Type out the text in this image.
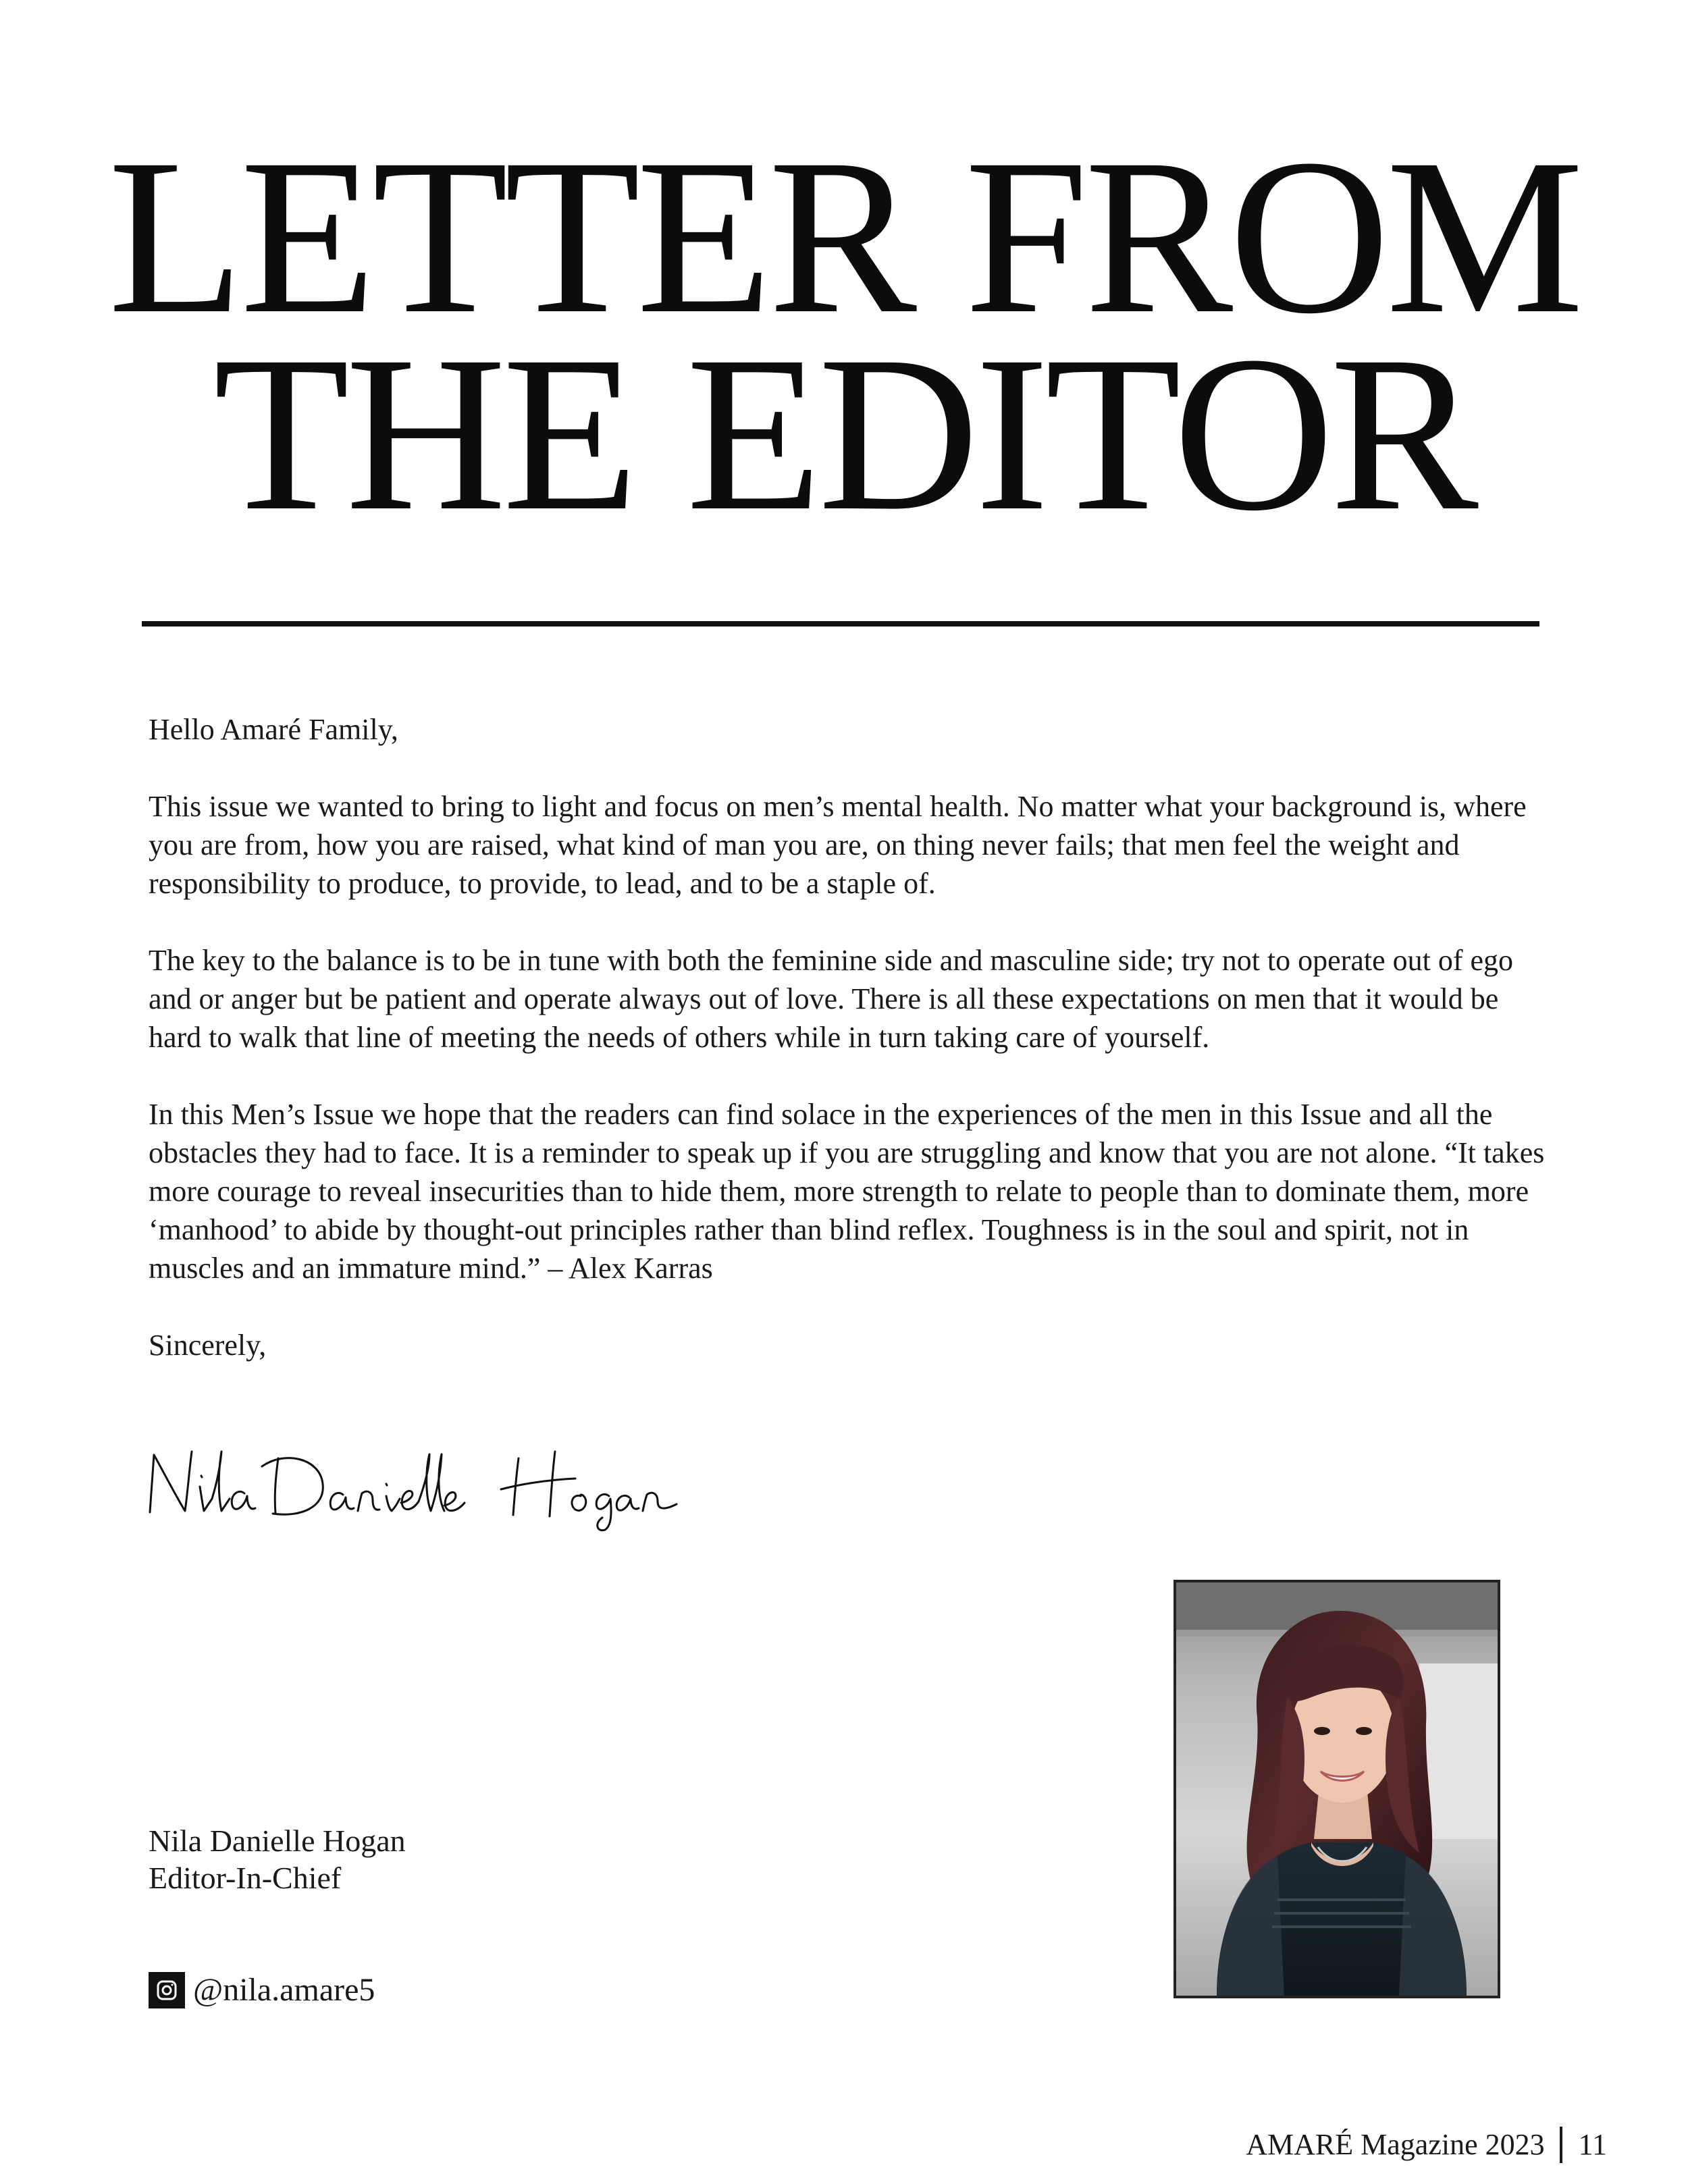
LETTER FROM
THE EDITOR

Hello Amaré Family,

This issue we wanted to bring to light and focus on men’s mental health. No matter what your background is, where you are from, how you are raised, what kind of man you are, on thing never fails; that men feel the weight and responsibility to produce, to provide, to lead, and to be a staple of.

The key to the balance is to be in tune with both the feminine side and masculine side; try not to operate out of ego and or anger but be patient and operate always out of love. There is all these expectations on men that it would be hard to walk that line of meeting the needs of others while in turn taking care of yourself.

In this Men’s Issue we hope that the readers can find solace in the experiences of the men in this Issue and all the obstacles they had to face. It is a reminder to speak up if you are struggling and know that you are not alone. “It takes more courage to reveal insecurities than to hide them, more strength to relate to people than to dominate them, more ‘manhood’ to abide by thought-out principles rather than blind reflex. Toughness is in the soul and spirit, not in muscles and an immature mind.” – Alex Karras

Sincerely,

Nila Danielle Hogan
Editor-In-Chief
@nila.amare5
AMARÉ Magazine 2023 11
